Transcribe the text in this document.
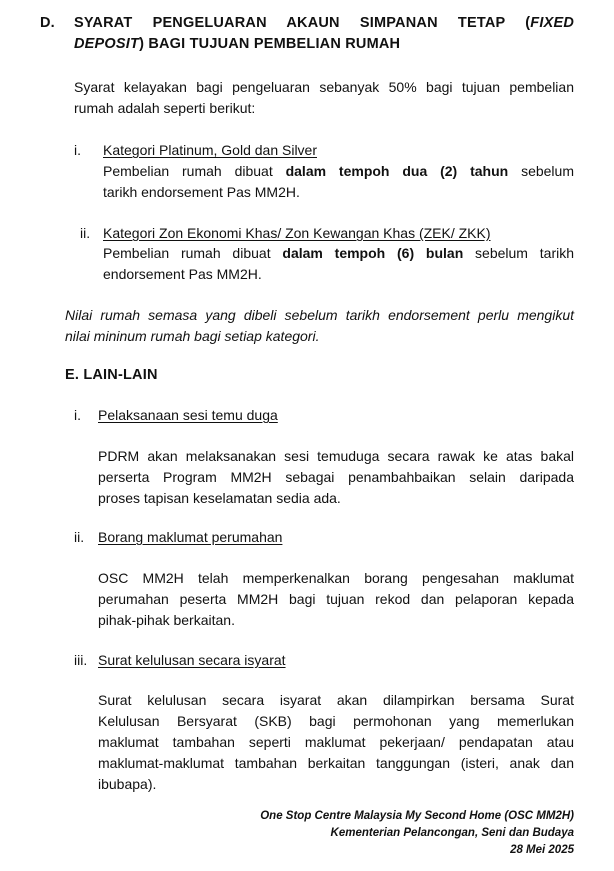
D. SYARAT PENGELUARAN AKAUN SIMPANAN TETAP (FIXED
DEPOSIT) BAGI TUJUAN PEMBELIAN RUMAH
Syarat kelayakan bagi pengeluaran sebanyak 50% bagi tujuan pembelian
rumah adalah seperti berikut:
i. Kategori Platinum, Gold dan Silver
Pembelian rumah dibuat dalam tempoh dua (2) tahun sebelum
tarikh endorsement Pas MM2H.
ii. Kategori Zon Ekonomi Khas/ Zon Kewangan Khas (ZEK/ ZKK)
Pembelian rumah dibuat dalam tempoh (6) bulan sebelum tarikh
endorsement Pas MM2H.
Nilai rumah semasa yang dibeli sebelum tarikh endorsement perlu mengikut
nilai mininum rumah bagi setiap kategori.
E. LAIN-LAIN
i. Pelaksanaan sesi temu duga
PDRM akan melaksanakan sesi temuduga secara rawak ke atas bakal
perserta Program MM2H sebagai penambahbaikan selain daripada
proses tapisan keselamatan sedia ada.
ii. Borang maklumat perumahan
OSC MM2H telah memperkenalkan borang pengesahan maklumat
perumahan peserta MM2H bagi tujuan rekod dan pelaporan kepada
pihak-pihak berkaitan.
iii. Surat kelulusan secara isyarat
Surat kelulusan secara isyarat akan dilampirkan bersama Surat
Kelulusan Bersyarat (SKB) bagi permohonan yang memerlukan
maklumat tambahan seperti maklumat pekerjaan/ pendapatan atau
maklumat-maklumat tambahan berkaitan tanggungan (isteri, anak dan
ibubapa).
One Stop Centre Malaysia My Second Home (OSC MM2H)
Kementerian Pelancongan, Seni dan Budaya
28 Mei 2025
